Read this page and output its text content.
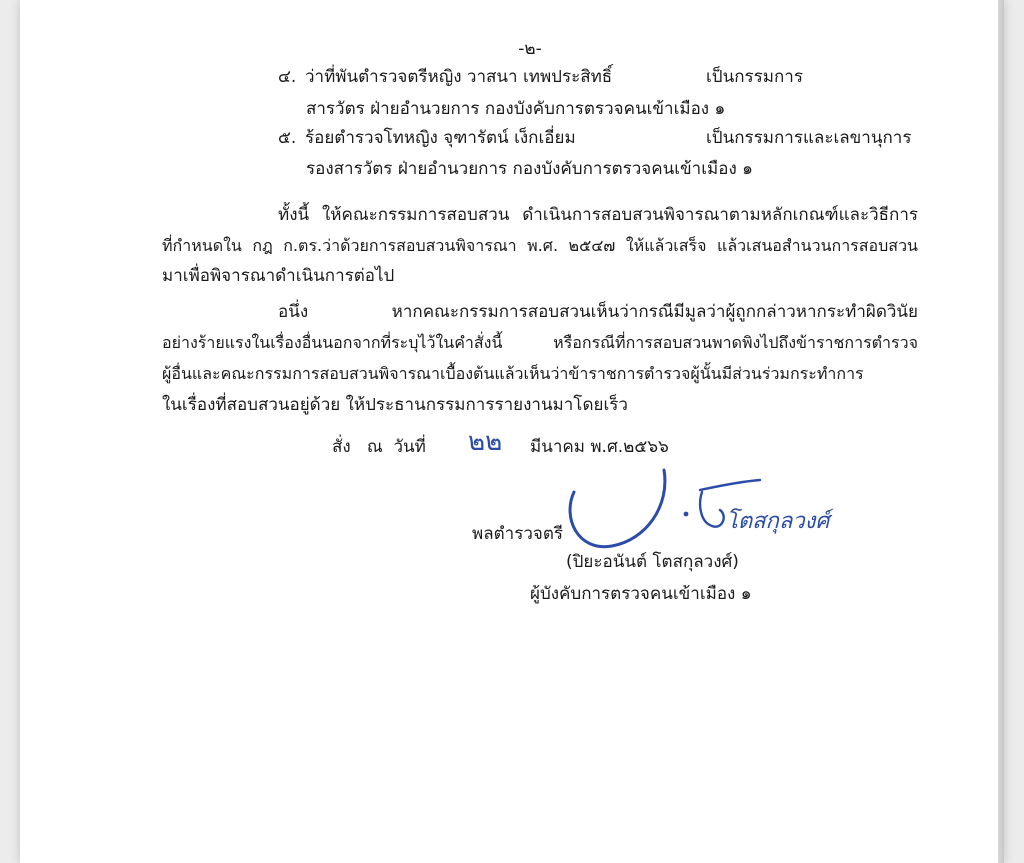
-๒-
๔. ว่าที่พันตำรวจตรีหญิง วาสนา เทพประสิทธิ์	เป็นกรรมการ
สารวัตร ฝ่ายอำนวยการ กองบังคับการตรวจคนเข้าเมือง ๑
๕. ร้อยตำรวจโทหญิง จุฑารัตน์ เง็กเอี่ยม	เป็นกรรมการและเลขานุการ
รองสารวัตร ฝ่ายอำนวยการ กองบังคับการตรวจคนเข้าเมือง ๑
ทั้งนี้ ให้คณะกรรมการสอบสวน ดำเนินการสอบสวนพิจารณาตามหลักเกณฑ์และวิธีการ
ที่กำหนดใน กฎ ก.ตร.ว่าด้วยการสอบสวนพิจารณา พ.ศ. ๒๕๔๗ ให้แล้วเสร็จ แล้วเสนอสำนวนการสอบสวน
มาเพื่อพิจารณาดำเนินการต่อไป
อนึ่ง หากคณะกรรมการสอบสวนเห็นว่ากรณีมีมูลว่าผู้ถูกกล่าวหากระทำผิดวินัย
อย่างร้ายแรงในเรื่องอื่นนอกจากที่ระบุไว้ในคำสั่งนี้ หรือกรณีที่การสอบสวนพาดพิงไปถึงข้าราชการตำรวจ
ผู้อื่นและคณะกรรมการสอบสวนพิจารณาเบื้องต้นแล้วเห็นว่าข้าราชการตำรวจผู้นั้นมีส่วนร่วมกระทำการ
ในเรื่องที่สอบสวนอยู่ด้วย ให้ประธานกรรมการรายงานมาโดยเร็ว
สั่ง   ณ  วันที่ ๒๒ มีนาคม พ.ศ.๒๕๖๖
พลตำรวจตรี	โตสกุลวงศ์
(ปิยะอนันต์ โตสกุลวงศ์)
ผู้บังคับการตรวจคนเข้าเมือง ๑
